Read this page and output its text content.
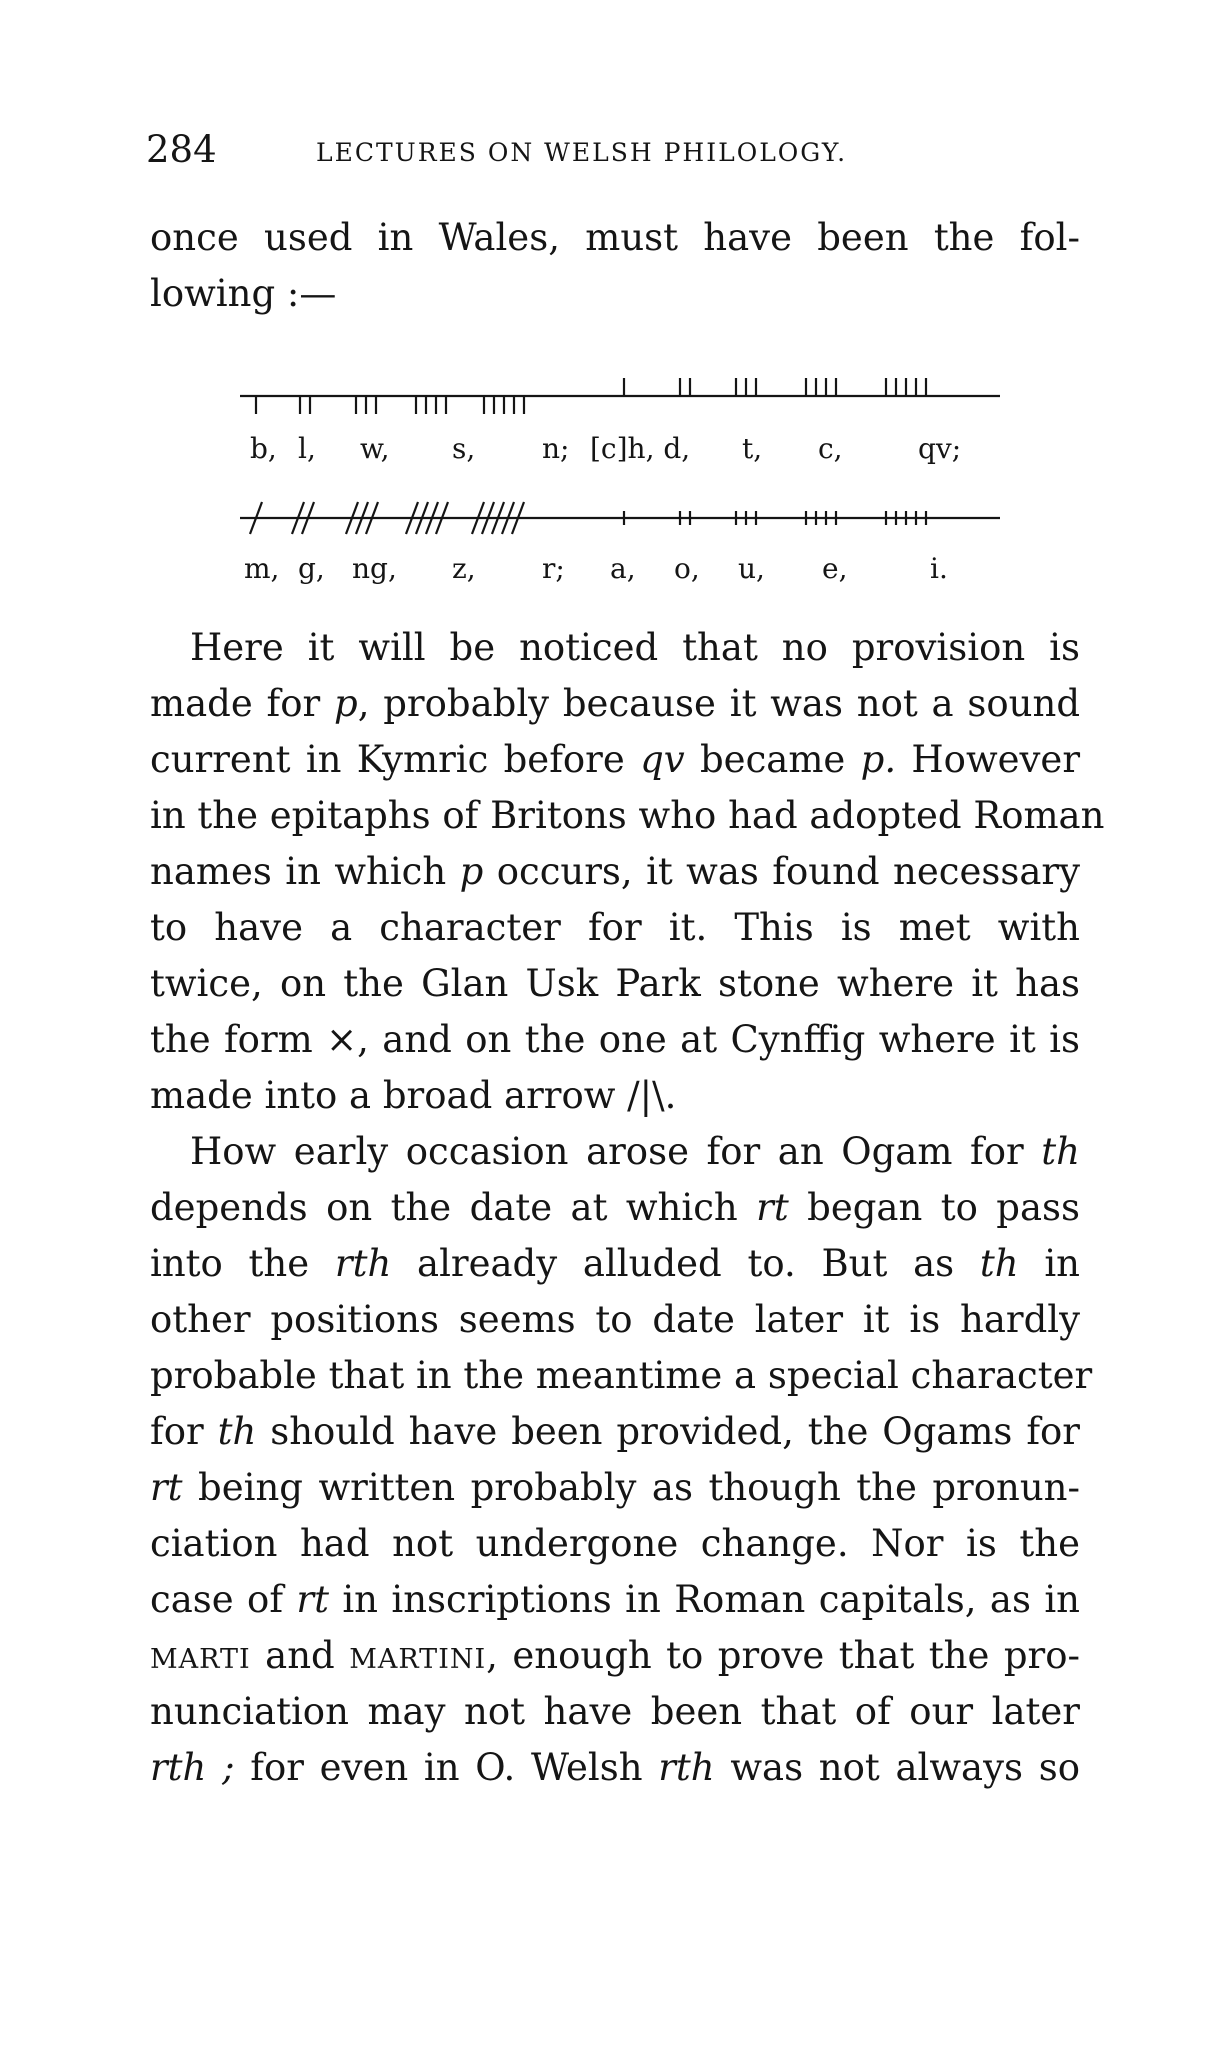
284	LECTURES ON WELSH PHILOLOGY.
once used in Wales, must have been the fol-
lowing :—
b, l, w, s, n; [c]h, d, t, c,	qv;
m, g, ng, z, r; a, o, u, e,	i.
Here it will be noticed that no provision is
made for p, probably because it was not a sound
current in Kymric before qv became p. However
in the epitaphs of Britons who had adopted Roman
names in which p occurs, it was found necessary
to have a character for it. This is met with
twice, on the Glan Usk Park stone where it has
the form ×, and on the one at Cynffig where it is
made into a broad arrow /|\.
How early occasion arose for an Ogam for th
depends on the date at which rt began to pass
into the rth already alluded to. But as th in
other positions seems to date later it is hardly
probable that in the meantime a special character
for th should have been provided, the Ogams for
rt being written probably as though the pronun-
ciation had not undergone change. Nor is the
case of rt in inscriptions in Roman capitals, as in
MARTI and MARTINI, enough to prove that the pro-
nunciation may not have been that of our later
rth ; for even in O. Welsh rth was not always so
